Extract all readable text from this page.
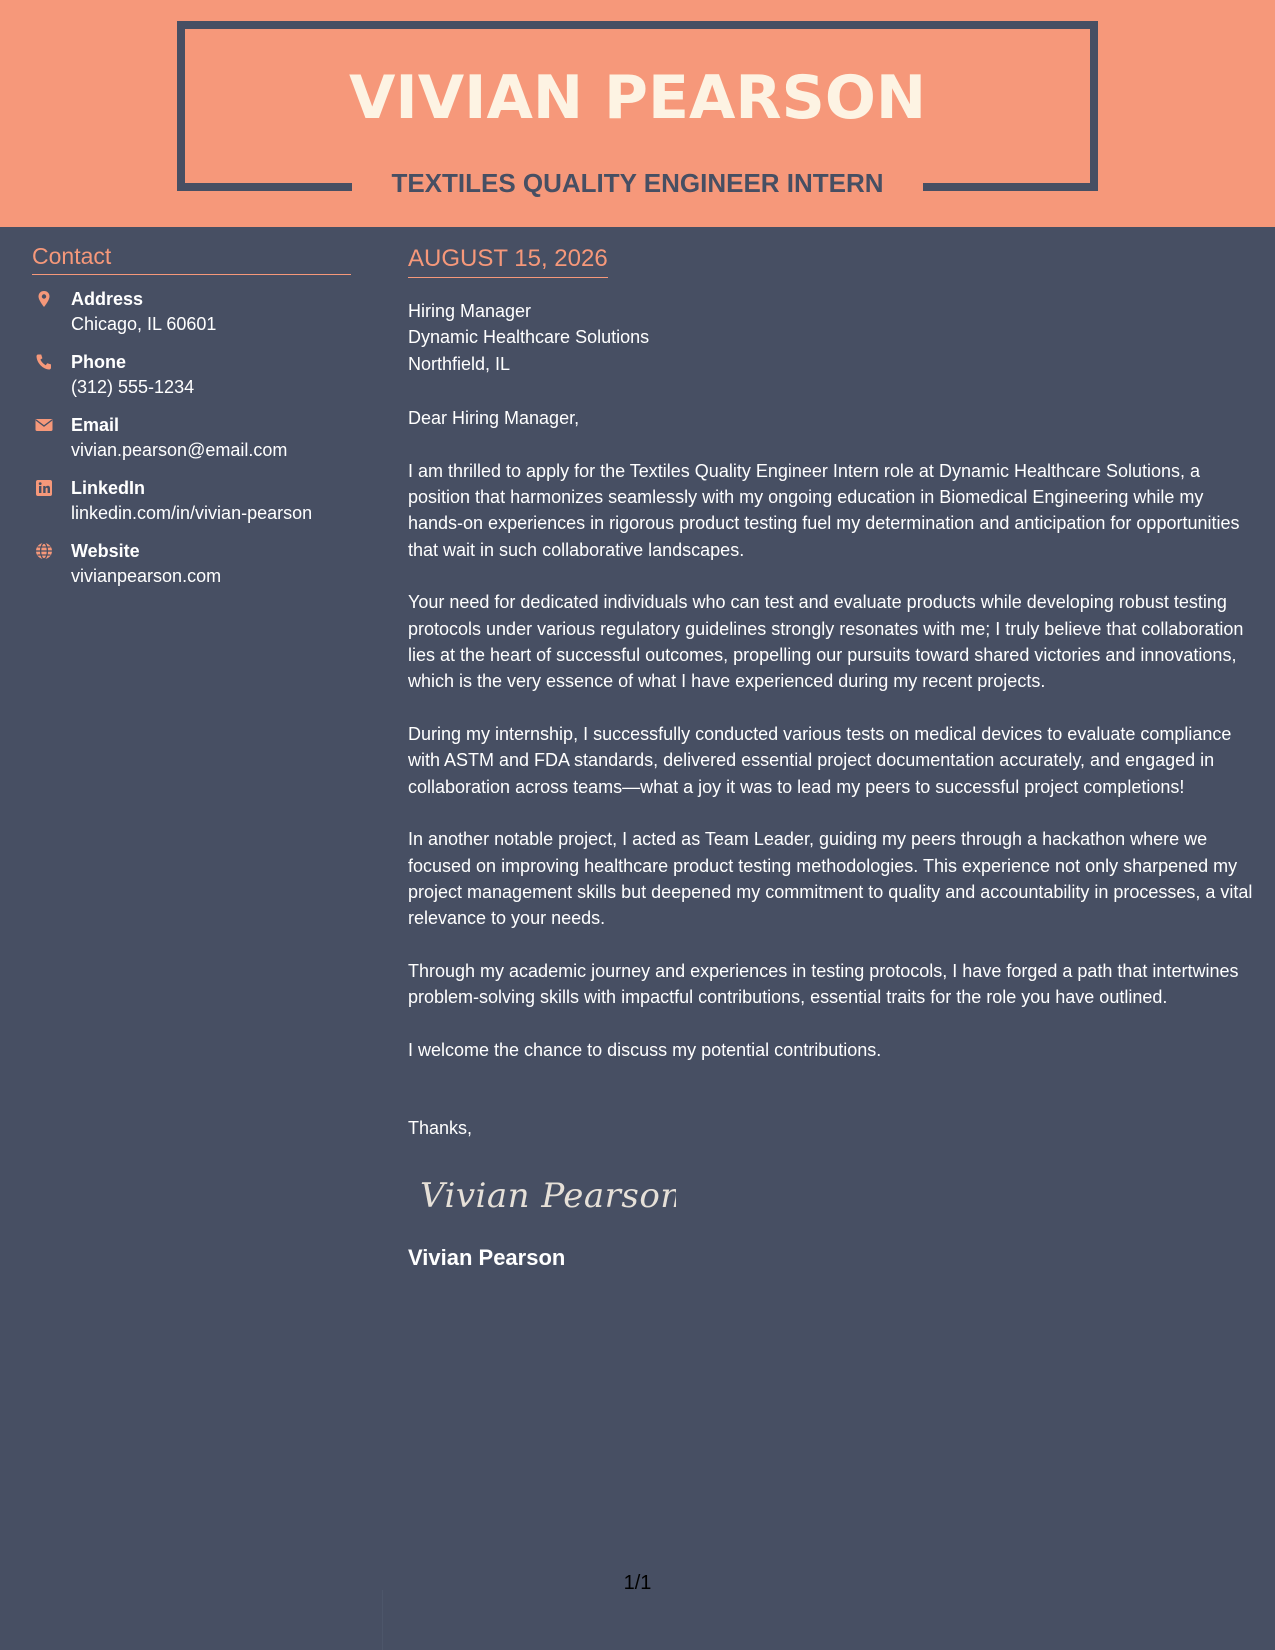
VIVIAN PEARSON
TEXTILES QUALITY ENGINEER INTERN
Contact
Address
Chicago, IL 60601
Phone
(312) 555-1234
Email
vivian.pearson@email.com
LinkedIn
linkedin.com/in/vivian-pearson
Website
vivianpearson.com
AUGUST 15, 2026
Hiring Manager
Dynamic Healthcare Solutions
Northfield, IL
Dear Hiring Manager,
I am thrilled to apply for the Textiles Quality Engineer Intern role at Dynamic Healthcare Solutions, a position that harmonizes seamlessly with my ongoing education in Biomedical Engineering while my hands-on experiences in rigorous product testing fuel my determination and anticipation for opportunities that wait in such collaborative landscapes.
Your need for dedicated individuals who can test and evaluate products while developing robust testing protocols under various regulatory guidelines strongly resonates with me; I truly believe that collaboration lies at the heart of successful outcomes, propelling our pursuits toward shared victories and innovations, which is the very essence of what I have experienced during my recent projects.
During my internship, I successfully conducted various tests on medical devices to evaluate compliance with ASTM and FDA standards, delivered essential project documentation accurately, and engaged in collaboration across teams—what a joy it was to lead my peers to successful project completions!
In another notable project, I acted as Team Leader, guiding my peers through a hackathon where we focused on improving healthcare product testing methodologies. This experience not only sharpened my project management skills but deepened my commitment to quality and accountability in processes, a vital relevance to your needs.
Through my academic journey and experiences in testing protocols, I have forged a path that intertwines problem-solving skills with impactful contributions, essential traits for the role you have outlined.
I welcome the chance to discuss my potential contributions.
Thanks,
Vivian Pearson
Vivian Pearson
1/1
